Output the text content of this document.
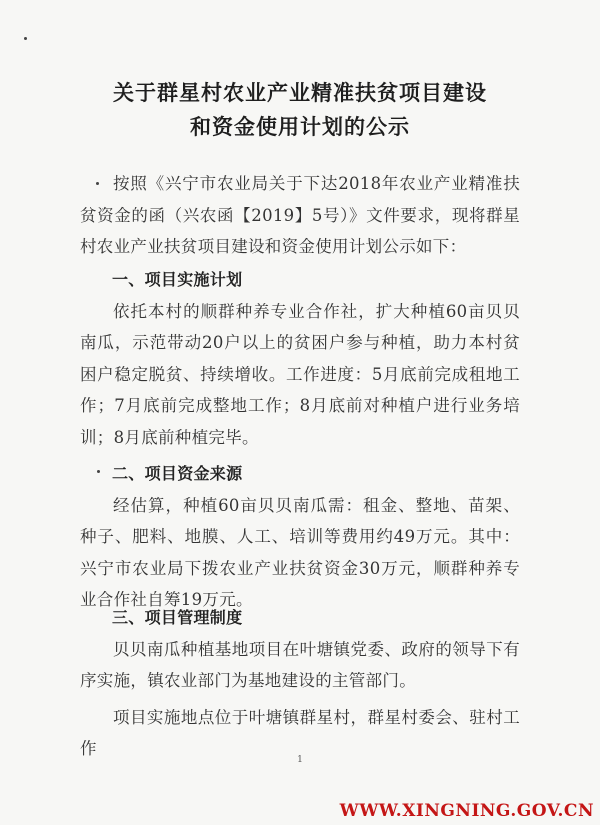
关于群星村农业产业精准扶贫项目建设
和资金使用计划的公示

按照《兴宁市农业局关于下达2018年农业产业精准扶贫资金的函（兴农函【2019】5号）》文件要求，现将群星村农业产业扶贫项目建设和资金使用计划公示如下：

一、项目实施计划

依托本村的顺群种养专业合作社，扩大种植60亩贝贝南瓜，示范带动20户以上的贫困户参与种植，助力本村贫困户稳定脱贫、持续增收。工作进度：5月底前完成租地工作；7月底前完成整地工作；8月底前对种植户进行业务培训；8月底前种植完毕。

二、项目资金来源

经估算，种植60亩贝贝南瓜需：租金、整地、苗架、种子、肥料、地膜、人工、培训等费用约49万元。其中：兴宁市农业局下拨农业产业扶贫资金30万元，顺群种养专业合作社自筹19万元。

三、项目管理制度

贝贝南瓜种植基地项目在叶塘镇党委、政府的领导下有序实施，镇农业部门为基地建设的主管部门。

项目实施地点位于叶塘镇群星村，群星村委会、驻村工作

1
WWW.XINGNING.GOV.CN
